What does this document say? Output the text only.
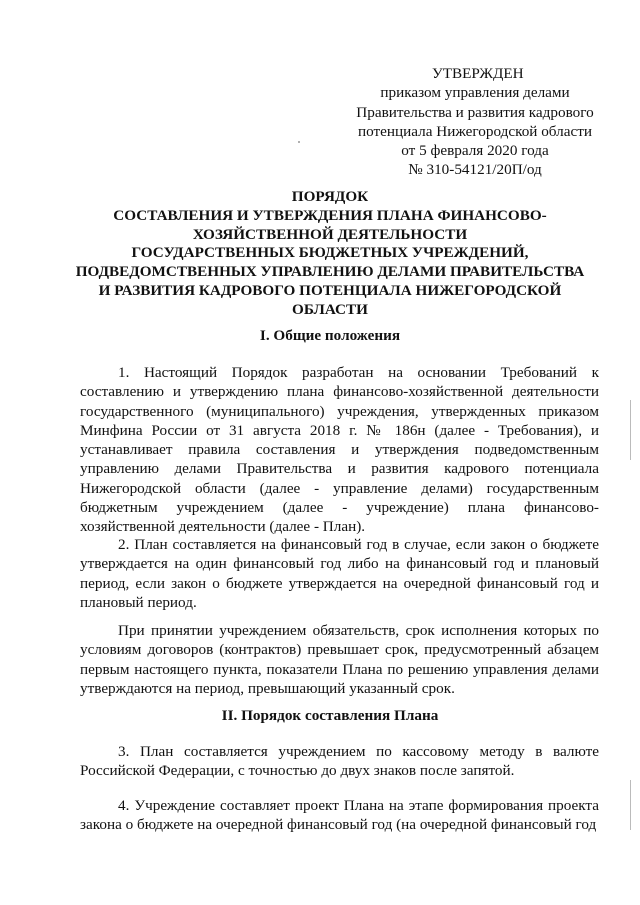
УТВЕРЖДЕН
приказом управления делами
Правительства и развития кадрового
потенциала Нижегородской области
от 5 февраля 2020 года
№ 310-54121/20П/од
ПОРЯДОК
СОСТАВЛЕНИЯ И УТВЕРЖДЕНИЯ ПЛАНА ФИНАНСОВО-
ХОЗЯЙСТВЕННОЙ ДЕЯТЕЛЬНОСТИ
ГОСУДАРСТВЕННЫХ БЮДЖЕТНЫХ УЧРЕЖДЕНИЙ,
ПОДВЕДОМСТВЕННЫХ УПРАВЛЕНИЮ ДЕЛАМИ ПРАВИТЕЛЬСТВА
И РАЗВИТИЯ КАДРОВОГО ПОТЕНЦИАЛА НИЖЕГОРОДСКОЙ
ОБЛАСТИ
I. Общие положения
1. Настоящий Порядок разработан на основании Требований к составлению и утверждению плана финансово-хозяйственной деятельности государственного (муниципального) учреждения, утвержденных приказом Минфина России от 31 августа 2018 г. № 186н (далее - Требования), и устанавливает правила составления и утверждения подведомственным управлению делами Правительства и развития кадрового потенциала Нижегородской области (далее - управление делами) государственным бюджетным учреждением (далее - учреждение) плана финансово-хозяйственной деятельности (далее - План).
2. План составляется на финансовый год в случае, если закон о бюджете утверждается на один финансовый год либо на финансовый год и плановый период, если закон о бюджете утверждается на очередной финансовый год и плановый период.
При принятии учреждением обязательств, срок исполнения которых по условиям договоров (контрактов) превышает срок, предусмотренный абзацем первым настоящего пункта, показатели Плана по решению управления делами утверждаются на период, превышающий указанный срок.
II. Порядок составления Плана
3. План составляется учреждением по кассовому методу в валюте Российской Федерации, с точностью до двух знаков после запятой.
4. Учреждение составляет проект Плана на этапе формирования проекта закона о бюджете на очередной финансовый год (на очередной финансовый год
